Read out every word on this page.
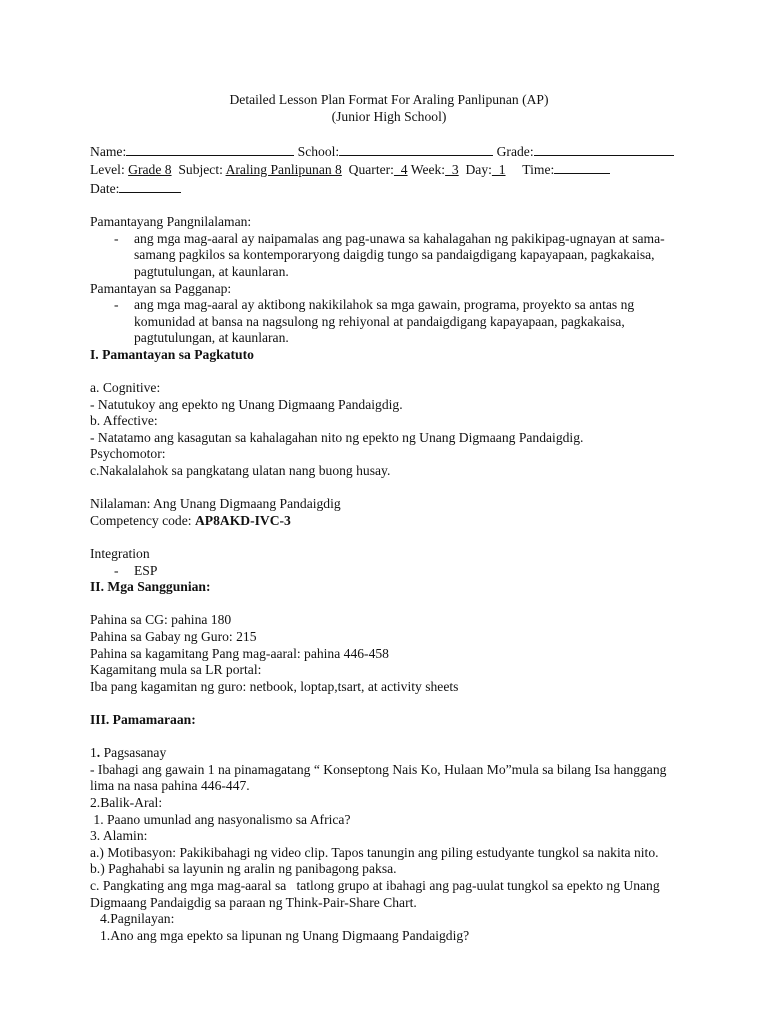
Detailed Lesson Plan Format For Araling Panlipunan (AP)
(Junior High School)
Name:	School:	Grade:
Level: Grade 8 Subject: Araling Panlipunan 8 Quarter:  4 Week:  3 Day:  1 Time:
Date:
Pamantayang Pangnilalaman:
- ang mga mag-aaral ay naipamalas ang pag-unawa sa kahalagahan ng pakikipag-ugnayan at sama-
samang pagkilos sa kontemporaryong daigdig tungo sa pandaigdigang kapayapaan, pagkakaisa,
pagtutulungan, at kaunlaran.
Pamantayan sa Pagganap:
- ang mga mag-aaral ay aktibong nakikilahok sa mga gawain, programa, proyekto sa antas ng
komunidad at bansa na nagsulong ng rehiyonal at pandaigdigang kapayapaan, pagkakaisa,
pagtutulungan, at kaunlaran.
I. Pamantayan sa Pagkatuto
a. Cognitive:
- Natutukoy ang epekto ng Unang Digmaang Pandaigdig.
b. Affective:
- Natatamo ang kasagutan sa kahalagahan nito ng epekto ng Unang Digmaang Pandaigdig.
Psychomotor:
c.Nakalalahok sa pangkatang ulatan nang buong husay.
Nilalaman: Ang Unang Digmaang Pandaigdig
Competency code: AP8AKD-IVC-3
Integration
- ESP
II. Mga Sanggunian:
Pahina sa CG: pahina 180
Pahina sa Gabay ng Guro: 215
Pahina sa kagamitang Pang mag-aaral: pahina 446-458
Kagamitang mula sa LR portal:
Iba pang kagamitan ng guro: netbook, loptap,tsart, at activity sheets
III. Pamamaraan:
1. Pagsasanay
- Ibahagi ang gawain 1 na pinamagatang “ Konseptong Nais Ko, Hulaan Mo”mula sa bilang Isa hanggang
lima na nasa pahina 446-447.
2.Balik-Aral:
1. Paano umunlad ang nasyonalismo sa Africa?
3. Alamin:
a.) Motibasyon: Pakikibahagi ng video clip. Tapos tanungin ang piling estudyante tungkol sa nakita nito.
b.) Paghahabi sa layunin ng aralin ng panibagong paksa.
c. Pangkating ang mga mag-aaral sa   tatlong grupo at ibahagi ang pag-uulat tungkol sa epekto ng Unang
Digmaang Pandaigdig sa paraan ng Think-Pair-Share Chart.
4.Pagnilayan:
1.Ano ang mga epekto sa lipunan ng Unang Digmaang Pandaigdig?
